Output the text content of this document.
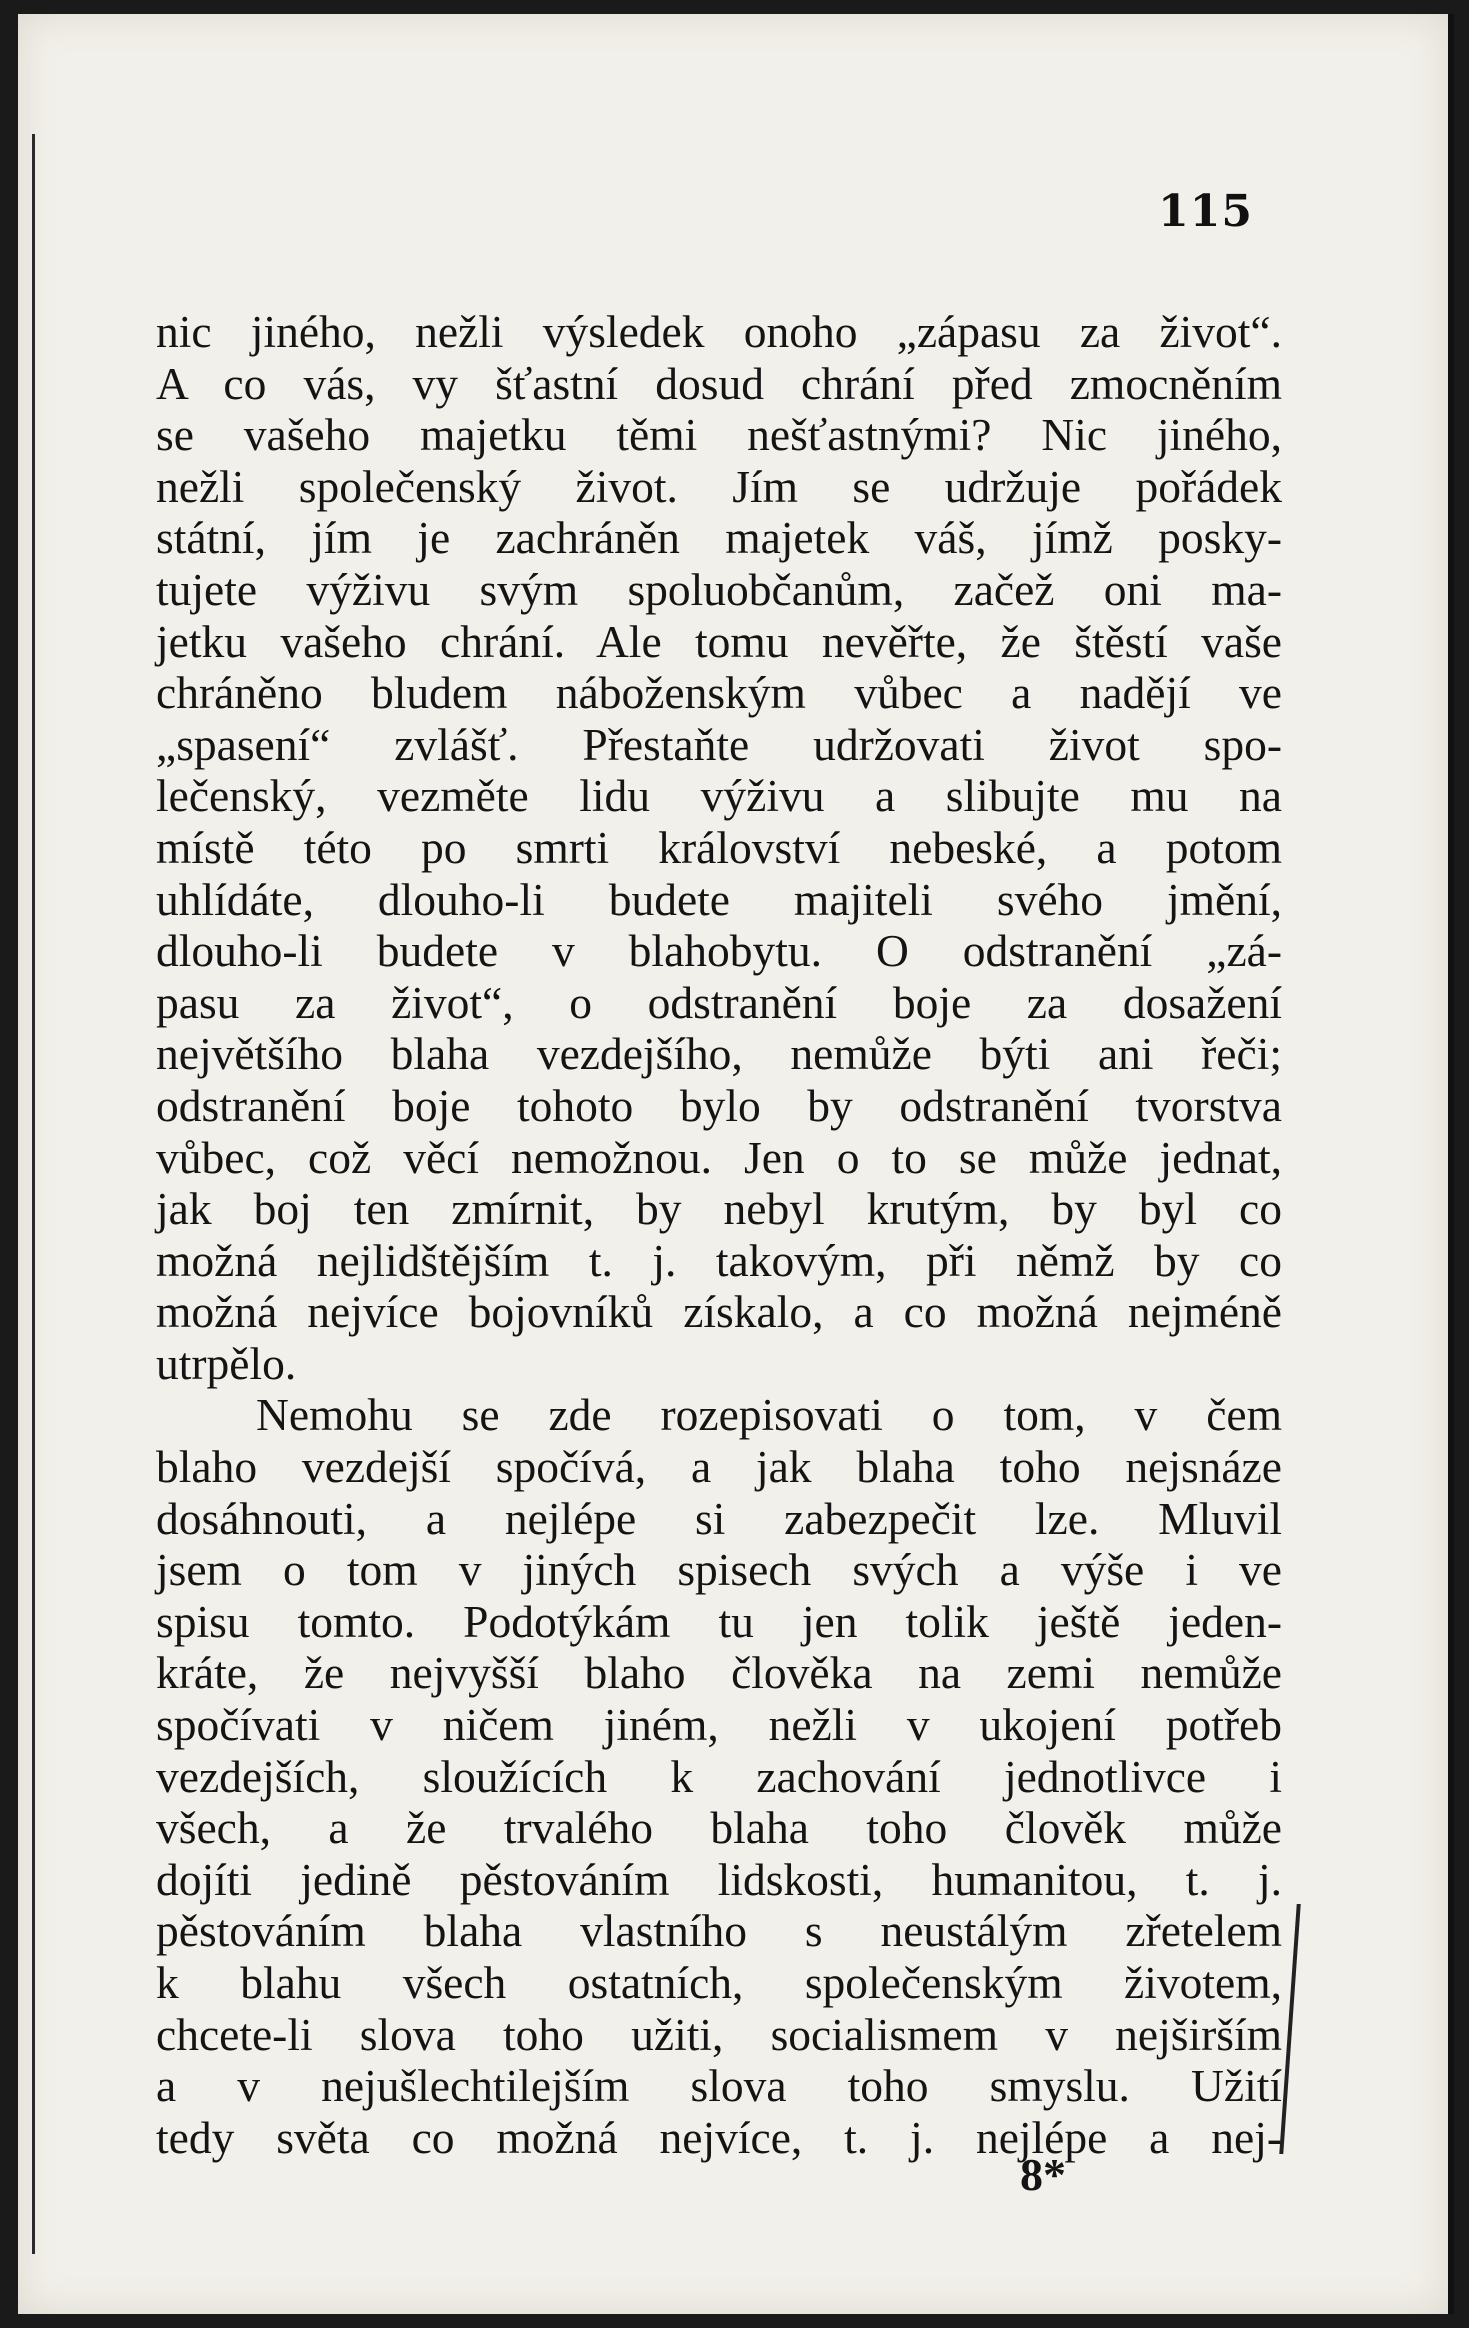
115
nic jiného, nežli výsledek onoho „zápasu za život“.
A co vás, vy šťastní dosud chrání před zmocněním
se vašeho majetku těmi nešťastnými? Nic jiného,
nežli společenský život. Jím se udržuje pořádek
státní, jím je zachráněn majetek váš, jímž posky-
tujete výživu svým spoluobčanům, začež oni ma-
jetku vašeho chrání. Ale tomu nevěřte, že štěstí vaše
chráněno bludem náboženským vůbec a nadějí ve
„spasení“ zvlášť. Přestaňte udržovati život spo-
lečenský, vezměte lidu výživu a slibujte mu na
místě této po smrti království nebeské, a potom
uhlídáte, dlouho-li budete majiteli svého jmění,
dlouho-li budete v blahobytu. O odstranění „zá-
pasu za život“, o odstranění boje za dosažení
největšího blaha vezdejšího, nemůže býti ani řeči;
odstranění boje tohoto bylo by odstranění tvorstva
vůbec, což věcí nemožnou. Jen o to se může jednat,
jak boj ten zmírnit, by nebyl krutým, by byl co
možná nejlidštějším t. j. takovým, při němž by co
možná nejvíce bojovníků získalo, a co možná nejméně
utrpělo.
Nemohu se zde rozepisovati o tom, v čem
blaho vezdejší spočívá, a jak blaha toho nejsnáze
dosáhnouti, a nejlépe si zabezpečit lze. Mluvil
jsem o tom v jiných spisech svých a výše i ve
spisu tomto. Podotýkám tu jen tolik ještě jeden-
kráte, že nejvyšší blaho člověka na zemi nemůže
spočívati v ničem jiném, nežli v ukojení potřeb
vezdejších, sloužících k zachování jednotlivce i
všech, a že trvalého blaha toho člověk může
dojíti jedině pěstováním lidskosti, humanitou, t. j.
pěstováním blaha vlastního s neustálým zřetelem
k blahu všech ostatních, společenským životem,
chcete-li slova toho užiti, socialismem v nejširším
a v nejušlechtilejším slova toho smyslu. Užití
tedy světa co možná nejvíce, t. j. nejlépe a nej-
8*
